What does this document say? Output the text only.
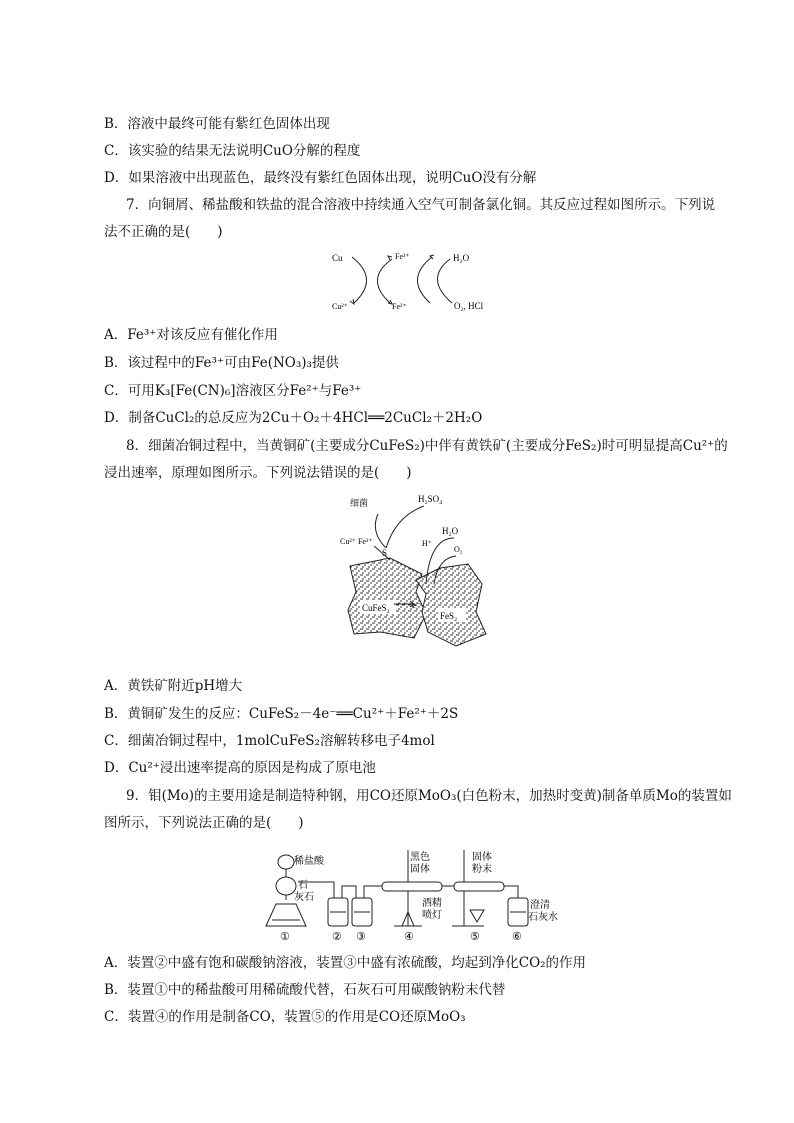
B．溶液中最终可能有紫红色固体出现
C．该实验的结果无法说明CuO分解的程度
D．如果溶液中出现蓝色，最终没有紫红色固体出现，说明CuO没有分解
7．向铜屑、稀盐酸和铁盐的混合溶液中持续通入空气可制备氯化铜。其反应过程如图所示。下列说
法不正确的是(　　)
Cu	Fe³⁺	H₂O
Cu²⁺	Fe²⁺	O₂, HCl
A．Fe³⁺对该反应有催化作用
B．该过程中的Fe³⁺可由Fe(NO₃)₃提供
C．可用K₃[Fe(CN)₆]溶液区分Fe²⁺与Fe³⁺
D．制备CuCl₂的总反应为2Cu＋O₂＋4HCl══2CuCl₂＋2H₂O
8．细菌冶铜过程中，当黄铜矿(主要成分CuFeS₂)中伴有黄铁矿(主要成分FeS₂)时可明显提高Cu²⁺的
浸出速率，原理如图所示。下列说法错误的是(　　)
细菌	H₂SO₄
H₂O
H⁺
O₂
Cu²⁺ Fe²⁺
S
CuFeS₂ e⁻
FeS₂
A．黄铁矿附近pH增大
B．黄铜矿发生的反应：CuFeS₂－4e⁻══Cu²⁺＋Fe²⁺＋2S
C．细菌冶铜过程中，1molCuFeS₂溶解转移电子4mol
D．Cu²⁺浸出速率提高的原因是构成了原电池
9．钼(Mo)的主要用途是制造特种钢，用CO还原MoO₃(白色粉末，加热时变黄)制备单质Mo的装置如
图所示，下列说法正确的是(　　)
稀盐酸
石
灰石
黑色
固体
酒精
喷灯
固体
粉末
澄清
石灰水
①	② ③	④	⑤	⑥
A．装置②中盛有饱和碳酸钠溶液，装置③中盛有浓硫酸，均起到净化CO₂的作用
B．装置①中的稀盐酸可用稀硫酸代替，石灰石可用碳酸钠粉末代替
C．装置④的作用是制备CO，装置⑤的作用是CO还原MoO₃
